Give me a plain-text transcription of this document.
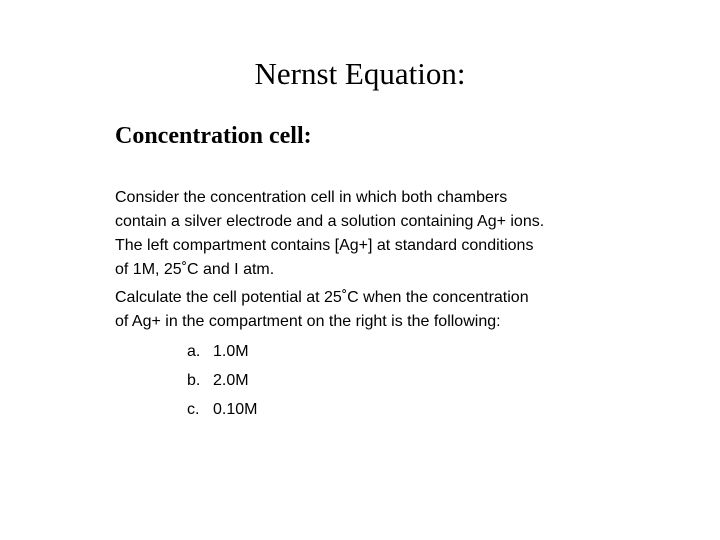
Nernst Equation:
Concentration cell:

Consider the concentration cell in which both chambers
contain a silver electrode and a solution containing Ag+ ions.
The left compartment contains [Ag+] at standard conditions
of 1M, 25˚C and I atm.

Calculate the cell potential at 25˚C when the concentration
of Ag+ in the compartment on the right is the following:

a. 1.0M
b. 2.0M
c. 0.10M
